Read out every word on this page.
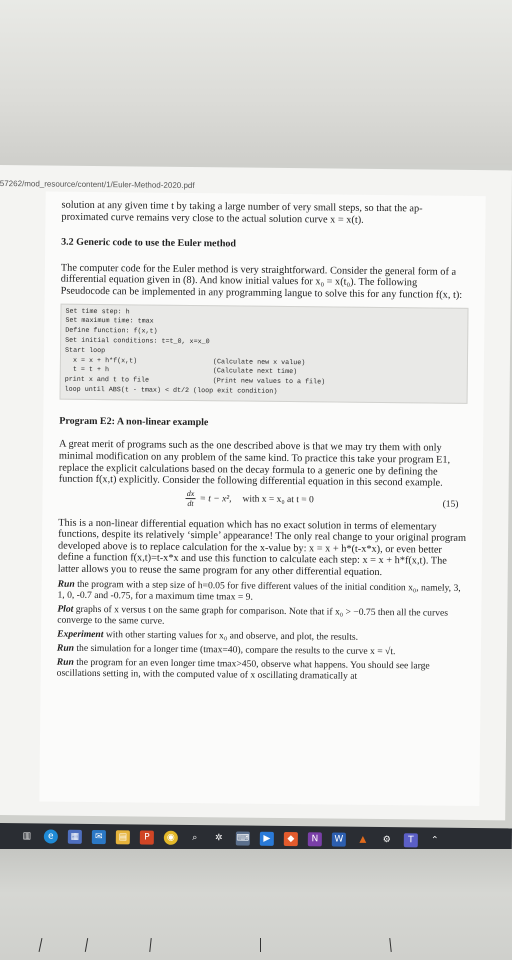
57262/mod_resource/content/1/Euler-Method-2020.pdf

solution at any given time t by taking a large number of very small steps, so that the ap-

proximated curve remains very close to the actual solution curve x = x(t).

3.2 Generic code to use the Euler method

The computer code for the Euler method is very straightforward. Consider the general form of a differential equation given in (8). And know initial values for x₀ = x(t₀). The following Pseudocode can be implemented in any programming langue to solve this for any function f(x, t):

Set time step: h
Set maximum time: tmax
Define function: f(x,t)
Set initial conditions: t=t_0, x=x_0
Start loop
x = x + h*f(x,t)	(Calculate new x value)
t = t + h	(Calculate next time)
print x and t to file	(Print new values to a file)
loop until ABS(t - tmax) < dt/2 (loop exit condition)
Program E2: A non-linear example

A great merit of programs such as the one described above is that we may try them with only minimal modification on any problem of the same kind. To practice this take your program E1, replace the explicit calculations based on the decay formula to a generic one by defining the function f(x,t) explicitly. Consider the following differential equation in this second example.

dx
dt = t − x², with x = x₀ at t = 0	(15)

This is a non-linear differential equation which has no exact solution in terms of elementary functions, despite its relatively ‘simple’ appearance! The only real change to your original program developed above is to replace calculation for the x-value by: x = x + h*(t-x*x), or even better define a function f(x,t)=t-x*x and use this function to calculate each step: x = x + h*f(x,t). The latter allows you to reuse the same program for any other differential equation.

Run the program with a step size of h=0.05 for five different values of the initial condition x₀, namely, 3, 1, 0, -0.7 and -0.75, for a maximum time tmax = 9.

Plot graphs of x versus t on the same graph for comparison. Note that if x₀ > −0.75 then all the curves converge to the same curve.

Experiment with other starting values for x₀ and observe, and plot, the results.

Run the simulation for a longer time (tmax=40), compare the results to the curve x = √t.

Run the program for an even longer time tmax>450, observe what happens. You should see large oscillations setting in, with the computed value of x oscillating dramatically at

▥	e	▦	✉	▤	P	◉	⌕	✲	⌨	▶	◆	N	W	▲	⚙	T	⌃
